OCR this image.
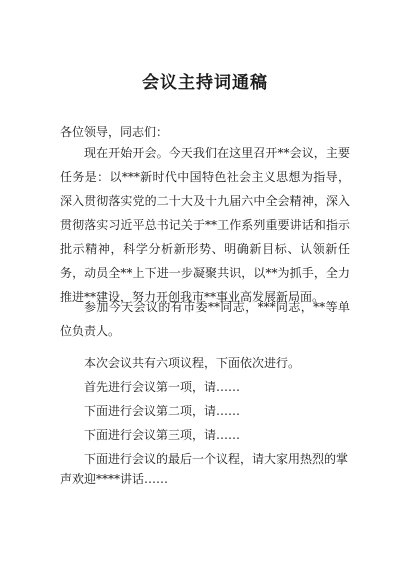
会议主持词通稿
各位领导，同志们：

现在开始开会。今天我们在这里召开**会议，主要任务是：以***新时代中国特色社会主义思想为指导，深入贯彻落实党的二十大及十九届六中全会精神，深入贯彻落实习近平总书记关于**工作系列重要讲话和指示批示精神，科学分析新形势、明确新目标、认领新任务，动员全**上下进一步凝聚共识，以**为抓手，全力推进**建设，努力开创我市**事业高发展新局面。

参加今天会议的有市委**同志，***同志，**等单位负责人。

本次会议共有六项议程，下面依次进行。

首先进行会议第一项，请……

下面进行会议第二项，请……

下面进行会议第三项，请……

下面进行会议的最后一个议程，请大家用热烈的掌声欢迎****讲话……
